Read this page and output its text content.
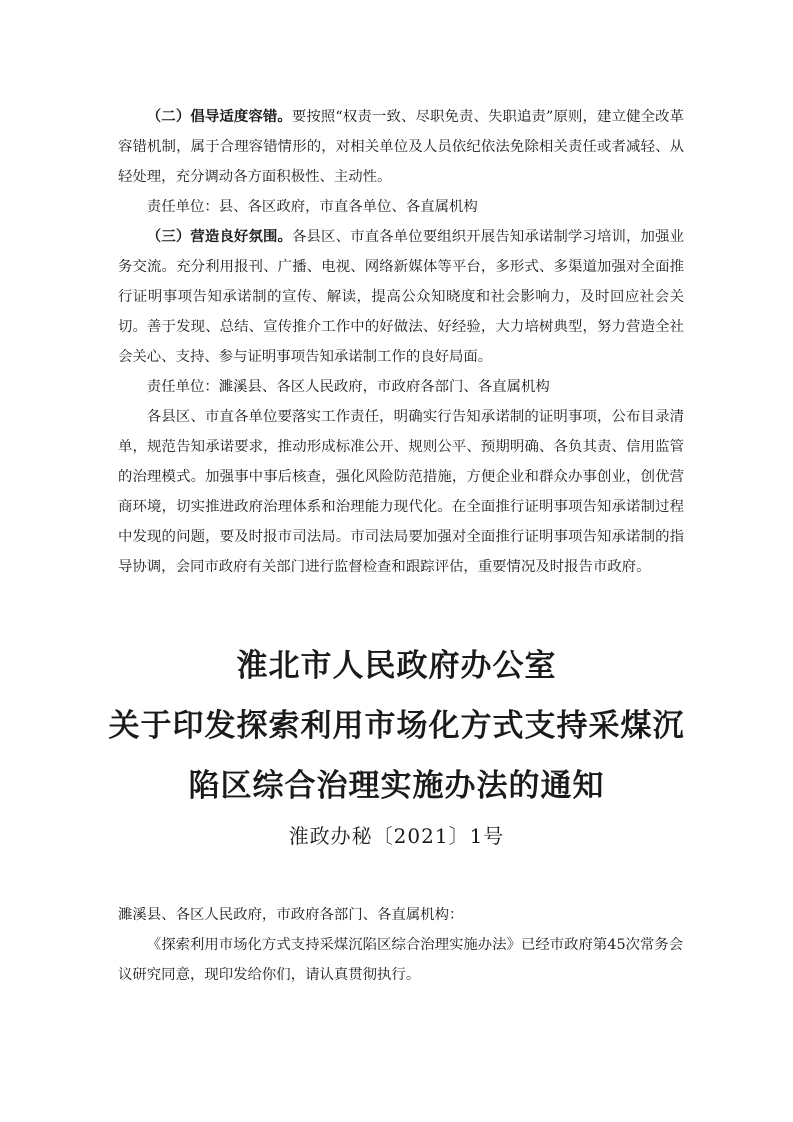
（二）倡导适度容错。要按照“权责一致、尽职免责、失职追责”原则，建立健全改革容错机制，属于合理容错情形的，对相关单位及人员依纪依法免除相关责任或者减轻、从轻处理，充分调动各方面积极性、主动性。

责任单位：县、各区政府，市直各单位、各直属机构

（三）营造良好氛围。各县区、市直各单位要组织开展告知承诺制学习培训，加强业务交流。充分利用报刊、广播、电视、网络新媒体等平台，多形式、多渠道加强对全面推行证明事项告知承诺制的宣传、解读，提高公众知晓度和社会影响力，及时回应社会关切。善于发现、总结、宣传推介工作中的好做法、好经验，大力培树典型，努力营造全社会关心、支持、参与证明事项告知承诺制工作的良好局面。

责任单位：濉溪县、各区人民政府，市政府各部门、各直属机构

各县区、市直各单位要落实工作责任，明确实行告知承诺制的证明事项，公布目录清单，规范告知承诺要求，推动形成标准公开、规则公平、预期明确、各负其责、信用监管的治理模式。加强事中事后核查，强化风险防范措施，方便企业和群众办事创业，创优营商环境，切实推进政府治理体系和治理能力现代化。在全面推行证明事项告知承诺制过程中发现的问题，要及时报市司法局。市司法局要加强对全面推行证明事项告知承诺制的指导协调，会同市政府有关部门进行监督检查和跟踪评估，重要情况及时报告市政府。

淮北市人民政府办公室
关于印发探索利用市场化方式支持采煤沉
陷区综合治理实施办法的通知

淮政办秘〔2021〕1号

濉溪县、各区人民政府，市政府各部门、各直属机构：

《探索利用市场化方式支持采煤沉陷区综合治理实施办法》已经市政府第45次常务会议研究同意，现印发给你们，请认真贯彻执行。
